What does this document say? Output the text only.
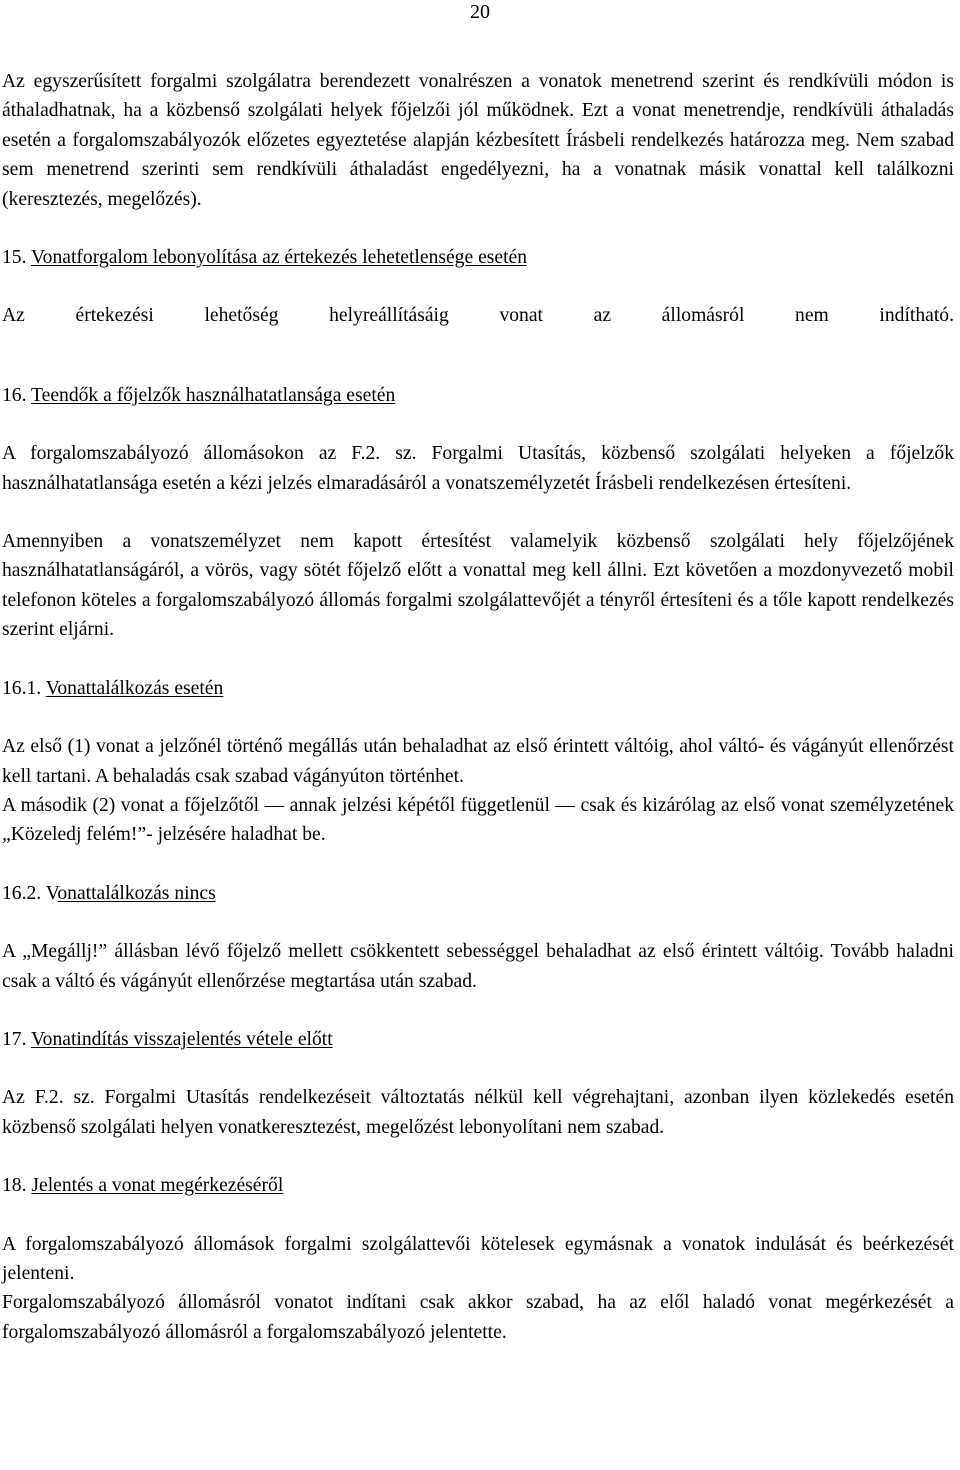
20

Az egyszerűsített forgalmi szolgálatra berendezett vonalrészen a vonatok menetrend szerint és rendkívüli módon is áthaladhatnak, ha a közbenső szolgálati helyek főjelzői jól működnek. Ezt a vonat menetrendje, rendkívüli áthaladás esetén a forgalomszabályozók előzetes egyeztetése alapján kézbesített Írásbeli rendelkezés határozza meg. Nem szabad sem menetrend szerinti sem rendkívüli áthaladást engedélyezni, ha a vonatnak másik vonattal kell találkozni (keresztezés, megelőzés).

15. Vonatforgalom lebonyolítása az értekezés lehetetlensége esetén

Az értekezési lehetőség helyreállításáig vonat az állomásról nem indítható.

16. Teendők a főjelzők használhatatlansága esetén

A forgalomszabályozó állomásokon az F.2. sz. Forgalmi Utasítás, közbenső szolgálati helyeken a főjelzők használhatatlansága esetén a kézi jelzés elmaradásáról a vonatszemélyzetét Írásbeli rendelkezésen értesíteni.

Amennyiben a vonatszemélyzet nem kapott értesítést valamelyik közbenső szolgálati hely főjelzőjének használhatatlanságáról, a vörös, vagy sötét főjelző előtt a vonattal meg kell állni. Ezt követően a mozdonyvezető mobil telefonon köteles a forgalomszabályozó állomás forgalmi szolgálattevőjét a tényről értesíteni és a tőle kapott rendelkezés szerint eljárni.

16.1. Vonattalálkozás esetén

Az első (1) vonat a jelzőnél történő megállás után behaladhat az első érintett váltóig, ahol váltó- és vágányút ellenőrzést kell tartani. A behaladás csak szabad vágányúton történhet.

A második (2) vonat a főjelzőtől — annak jelzési képétől függetlenül — csak és kizárólag az első vonat személyzetének „Közeledj felém!”- jelzésére haladhat be.

16.2. Vonattalálkozás nincs

A „Megállj!” állásban lévő főjelző mellett csökkentett sebességgel behaladhat az első érintett váltóig. Tovább haladni csak a váltó és vágányút ellenőrzése megtartása után szabad.

17. Vonatindítás visszajelentés vétele előtt

Az F.2. sz. Forgalmi Utasítás rendelkezéseit változtatás nélkül kell végrehajtani, azonban ilyen közlekedés esetén közbenső szolgálati helyen vonatkeresztezést, megelőzést lebonyolítani nem szabad.

18. Jelentés a vonat megérkezéséről

A forgalomszabályozó állomások forgalmi szolgálattevői kötelesek egymásnak a vonatok indulását és beérkezését jelenteni.

Forgalomszabályozó állomásról vonatot indítani csak akkor szabad, ha az elől haladó vonat megérkezését a forgalomszabályozó állomásról a forgalomszabályozó jelentette.
